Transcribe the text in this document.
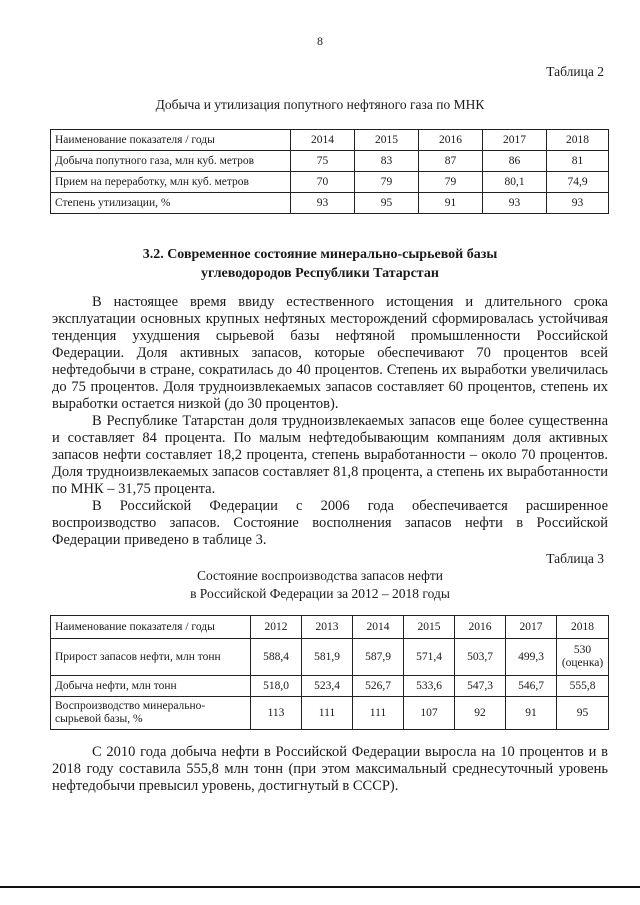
8
Таблица 2
Добыча и утилизация попутного нефтяного газа по МНК
Наименование показателя / годы	2014	2015	2016	2017	2018
Добыча попутного газа, млн куб. метров	75	83	87	86	81
Прием на переработку, млн куб. метров	70	79	79	80,1	74,9
Степень утилизации, %	93	95	91	93	93
3.2. Современное состояние минерально-сырьевой базы
углеводородов Республики Татарстан

В настоящее время ввиду естественного истощения и длительного срока эксплуатации основных крупных нефтяных месторождений сформировалась устойчивая тенденция ухудшения сырьевой базы нефтяной промышленности Российской Федерации. Доля активных запасов, которые обеспечивают 70 процентов всей нефтедобычи в стране, сократилась до 40 процентов. Степень их выработки увеличилась до 75 процентов. Доля трудноизвлекаемых запасов составляет 60 процентов, степень их выработки остается низкой (до 30 процентов).

В Республике Татарстан доля трудноизвлекаемых запасов еще более существенна и составляет 84 процента. По малым нефтедобывающим компаниям доля активных запасов нефти составляет 18,2 процента, степень выработанности – около 70 процентов. Доля трудноизвлекаемых запасов составляет 81,8 процента, а степень их выработанности по МНК – 31,75 процента.

В Российской Федерации с 2006 года обеспечивается расширенное воспроизводство запасов. Состояние восполнения запасов нефти в Российской Федерации приведено в таблице 3.

Таблица 3
Состояние воспроизводства запасов нефти
в Российской Федерации за 2012 – 2018 годы
Наименование показателя / годы	2012	2013	2014	2015	2016	2017	2018
Прирост запасов нефти, млн тонн	588,4	581,9	587,9	571,4	503,7	499,3	530
(оценка)

Добыча нефти, млн тонн	518,0	523,4	526,7	533,6	547,3	546,7	555,8
Воспроизводство минерально-сырьевой базы, %	113	111	111	107	92	91	95

С 2010 года добыча нефти в Российской Федерации выросла на 10 процентов и в 2018 году составила 555,8 млн тонн (при этом максимальный среднесуточный уровень нефтедобычи превысил уровень, достигнутый в СССР).
